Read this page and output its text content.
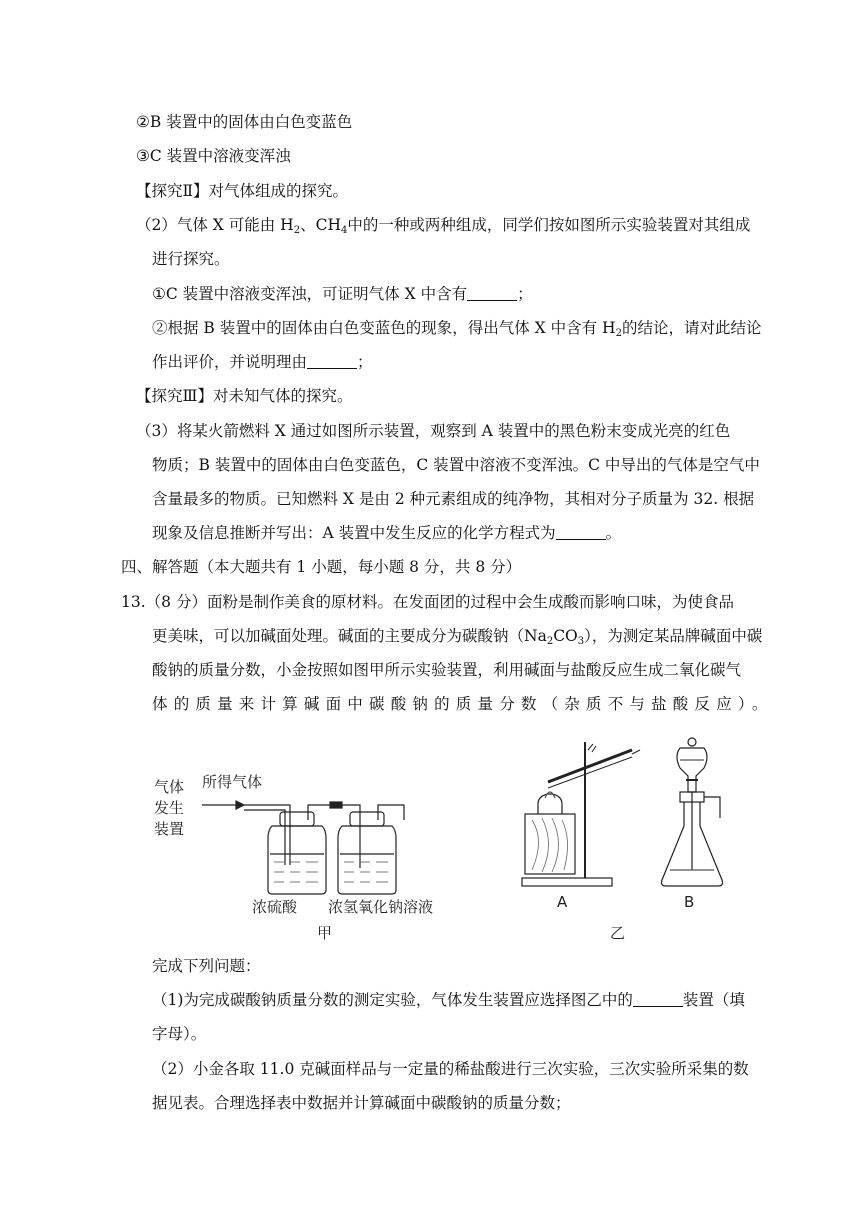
②B 装置中的固体由白色变蓝色
③C 装置中溶液变浑浊
【探究Ⅱ】对气体组成的探究。
（2）气体 X 可能由 $H_2$、$CH_4$中的一种或两种组成，同学们按如图所示实验装置对其组成
进行探究。
①C 装置中溶液变浑浊，可证明气体 X 中含有	；
②根据 B 装置中的固体由白色变蓝色的现象，得出气体 X 中含有 $H_2$的结论，请对此结论
作出评价，并说明理由	；
【探究Ⅲ】对未知气体的探究。
（3）将某火箭燃料 X 通过如图所示装置，观察到 A 装置中的黑色粉末变成光亮的红色
物质；B 装置中的固体由白色变蓝色，C 装置中溶液不变浑浊。C 中导出的气体是空气中
含量最多的物质。已知燃料 X 是由 2 种元素组成的纯净物，其相对分子质量为 32. 根据
现象及信息推断并写出：A 装置中发生反应的化学方程式为	。
四、解答题（本大题共有 1 小题，每小题 8 分，共 8 分）
13.（8 分）面粉是制作美食的原材料。在发面团的过程中会生成酸而影响口味，为使食品
更美味，可以加碱面处理。碱面的主要成分为碳酸钠$(Na_2CO_3)$，为测定某品牌碱面中碳
酸钠的质量分数，小金按照如图甲所示实验装置，利用碱面与盐酸反应生成二氧化碳气
体的质量来计算碱面中碳酸钠的质量分数（杂质不与盐酸反应）。
气体
发生
装置
所得气体
浓硫酸 浓氢氧化钠溶液
甲
A	B
乙
完成下列问题：
（1)为完成碳酸钠质量分数的测定实验，气体发生装置应选择图乙中的	装置（填
字母）。
（2）小金各取 11.0 克碱面样品与一定量的稀盐酸进行三次实验，三次实验所采集的数
据见表。合理选择表中数据并计算碱面中碳酸钠的质量分数；
